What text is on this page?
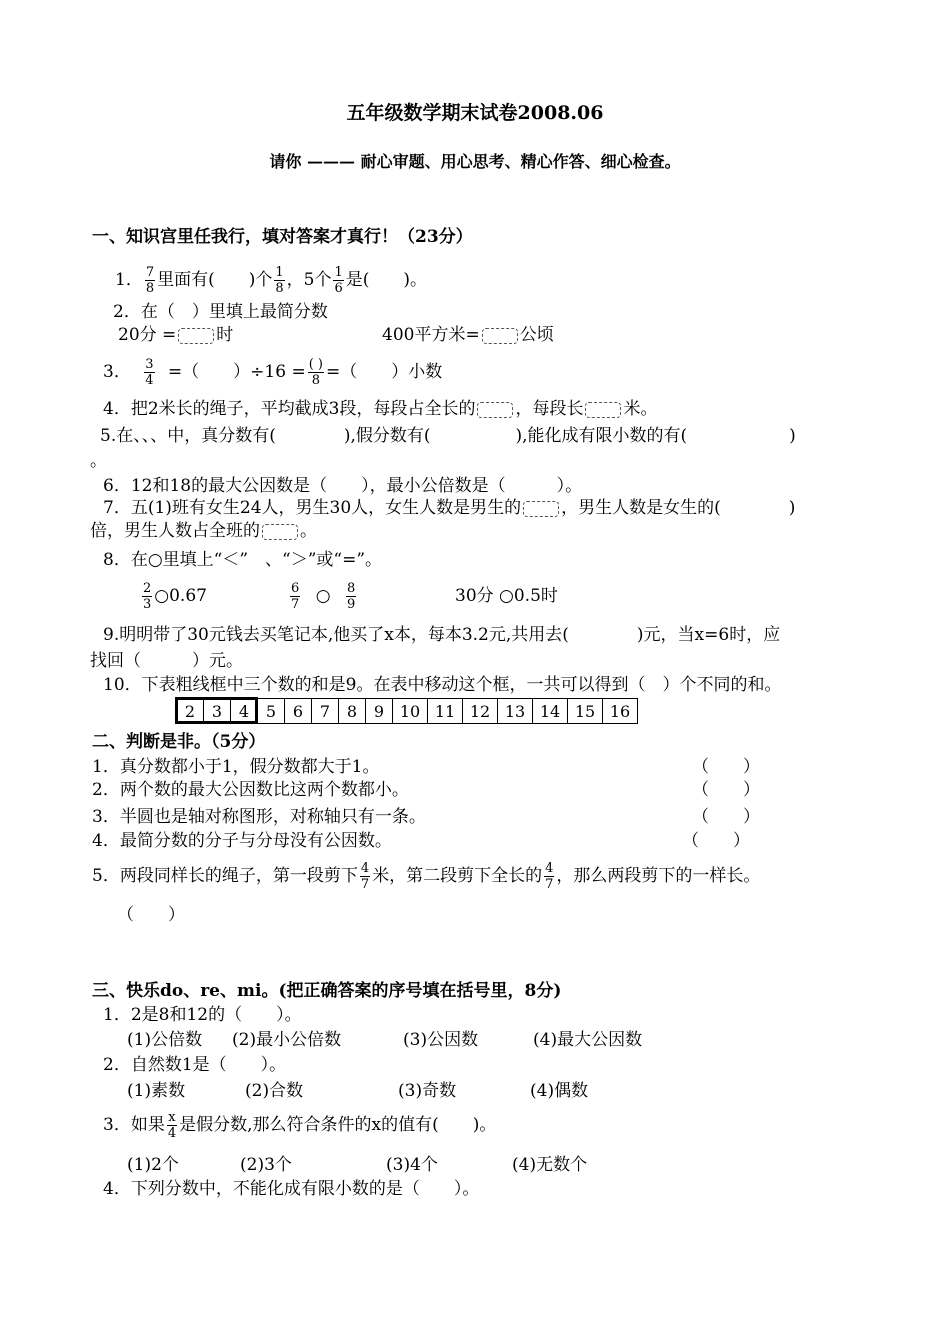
五年级数学期末试卷2008.06
请你 ——— 耐心审题、用心思考、精心作答、细心检查。
一、知识宫里任我行，填对答案才真行！（23分）
1． $\frac{7}{8}$ 里面有(　　)个 $\frac{1}{8}$ ，5个 $\frac{1}{6}$ 是(　　)。
2．在（　）里填上最简分数
20分 = 时	400平方米= 公顷
3． $\frac{3}{4}$ =（　　）$\div 16 = \frac{( )}{8}$ =（　　）小数
4．把2米长的绳子，平均截成3段，每段占全长的 ，每段长 米。
5.在、、、中，真分数有(　　　　),假分数有(　　　　　),能化成有限小数的有(　　　　　　)
。
6．12和18的最大公因数是（　　），最小公倍数是（　　　）。
7．五(1)班有女生24人，男生30人，女生人数是男生的 ，男生人数是女生的(　　　　)
倍，男生人数占全班的 。
8．在○里填上“＜”　、“＞”或“=”。
$\frac{2}{3}$ ○0.67	$\frac{6}{7}$ ○ $\frac{8}{9}$	30分 ○0.5时
9.明明带了30元钱去买笔记本,他买了x本，每本3.2元,共用去(　　　　)元，当x=6时，应
找回（　　　）元。
10．下表粗线框中三个数的和是9。在表中移动这个框，一共可以得到（　）个不同的和。
2	3	4	5	6	7	8	9	10	11	12	13	14	15	16
二、判断是非。（5分）
1．真分数都小于1，假分数都大于1。	（　　）
2．两个数的最大公因数比这两个数都小。	（　　）
3．半圆也是轴对称图形，对称轴只有一条。	（　　）
4．最简分数的分子与分母没有公因数。	（　　）
5．两段同样长的绳子，第一段剪下 $\frac{4}{7}$ 米，第二段剪下全长的 $\frac{4}{7}$ ，那么两段剪下的一样长。
（　　）
三、快乐do、re、mi。(把正确答案的序号填在括号里，8分)
1．2是8和12的（　　）。
(1)公倍数 (2)最小公倍数	(3)公因数	(4)最大公因数
2．自然数1是（　　）。
(1)素数	(2)合数	(3)奇数	(4)偶数
3．如果 $\frac{x}{4}$ 是假分数,那么符合条件的x的值有(　　)。
(1)2个	(2)3个	(3)4个	(4)无数个
4．下列分数中，不能化成有限小数的是（　　）。
